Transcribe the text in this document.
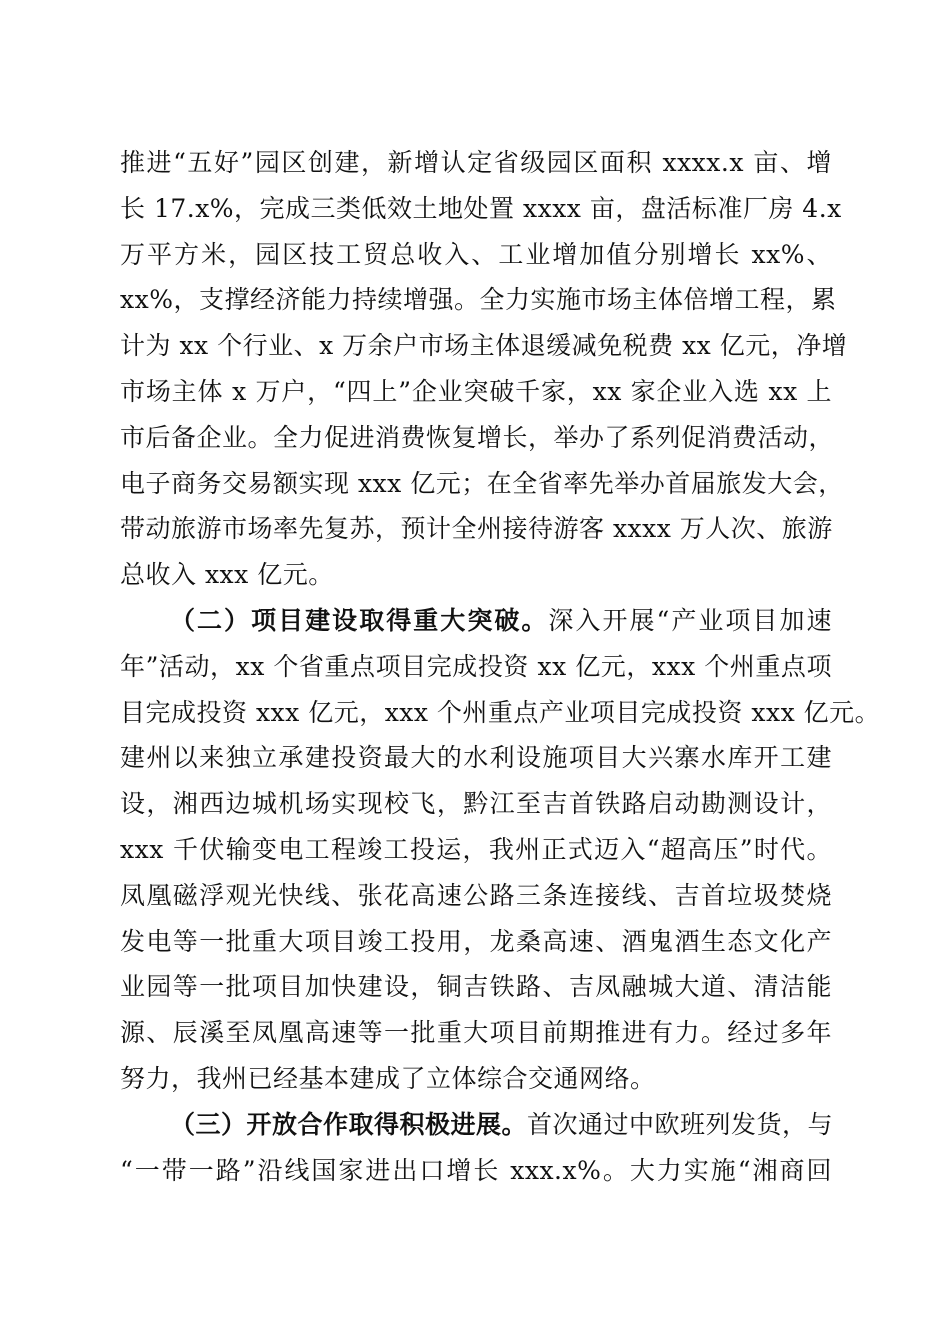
推进“五好”园区创建，新增认定省级园区面积 xxxx.x 亩、增
长 17.x%，完成三类低效土地处置 xxxx 亩，盘活标准厂房 4.x
万平方米，园区技工贸总收入、工业增加值分别增长 xx%、
xx%，支撑经济能力持续增强。全力实施市场主体倍增工程，累
计为 xx 个行业、x 万余户市场主体退缓减免税费 xx 亿元，净增
市场主体 x 万户，“四上”企业突破千家，xx 家企业入选 xx 上
市后备企业。全力促进消费恢复增长，举办了系列促消费活动，
电子商务交易额实现 xxx 亿元；在全省率先举办首届旅发大会，
带动旅游市场率先复苏，预计全州接待游客 xxxx 万人次、旅游
总收入 xxx 亿元。
（二）项目建设取得重大突破。深入开展“产业项目加速
年”活动，xx 个省重点项目完成投资 xx 亿元，xxx 个州重点项
目完成投资 xxx 亿元，xxx 个州重点产业项目完成投资 xxx 亿元。
建州以来独立承建投资最大的水利设施项目大兴寨水库开工建
设，湘西边城机场实现校飞，黔江至吉首铁路启动勘测设计，
xxx 千伏输变电工程竣工投运，我州正式迈入“超高压”时代。
凤凰磁浮观光快线、张花高速公路三条连接线、吉首垃圾焚烧
发电等一批重大项目竣工投用，龙桑高速、酒鬼酒生态文化产
业园等一批项目加快建设，铜吉铁路、吉凤融城大道、清洁能
源、辰溪至凤凰高速等一批重大项目前期推进有力。经过多年
努力，我州已经基本建成了立体综合交通网络。
（三）开放合作取得积极进展。首次通过中欧班列发货，与
“一带一路”沿线国家进出口增长 xxx.x%。大力实施“湘商回
